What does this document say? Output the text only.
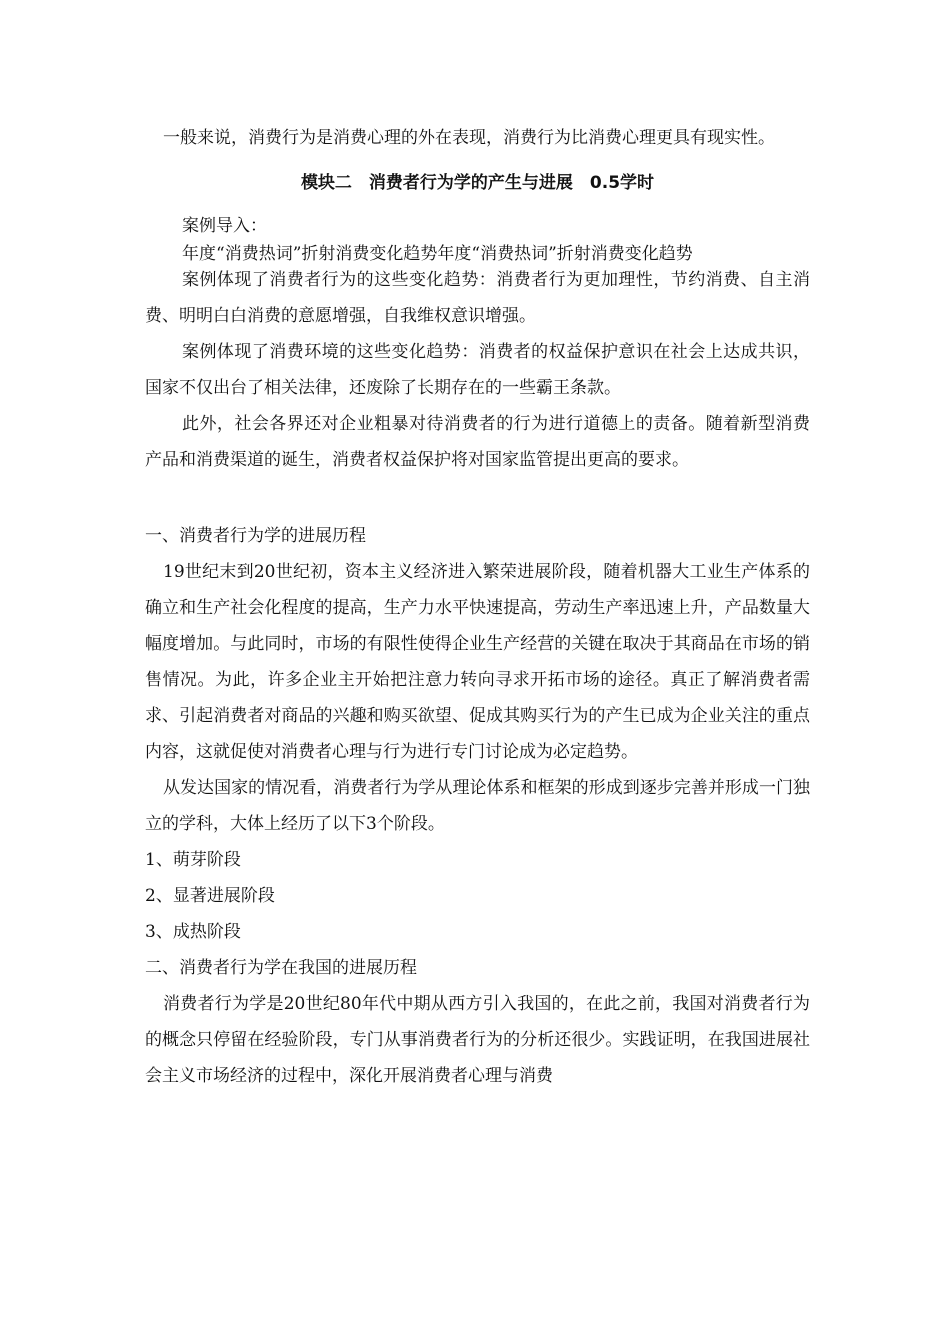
一般来说，消费行为是消费心理的外在表现，消费行为比消费心理更具有现实性。

模块二　消费者行为学的产生与进展　0.5学时

案例导入：

年度“消费热词”折射消费变化趋势年度“消费热词”折射消费变化趋势

案例体现了消费者行为的这些变化趋势：消费者行为更加理性，节约消费、自主消费、明明白白消费的意愿增强，自我维权意识增强。

案例体现了消费环境的这些变化趋势：消费者的权益保护意识在社会上达成共识，国家不仅出台了相关法律，还废除了长期存在的一些霸王条款。

此外，社会各界还对企业粗暴对待消费者的行为进行道德上的责备。随着新型消费产品和消费渠道的诞生，消费者权益保护将对国家监管提出更高的要求。

一、消费者行为学的进展历程

19世纪末到20世纪初，资本主义经济进入繁荣进展阶段，随着机器大工业生产体系的确立和生产社会化程度的提高，生产力水平快速提高，劳动生产率迅速上升，产品数量大幅度增加。与此同时，市场的有限性使得企业生产经营的关键在取决于其商品在市场的销售情况。为此，许多企业主开始把注意力转向寻求开拓市场的途径。真正了解消费者需求、引起消费者对商品的兴趣和购买欲望、促成其购买行为的产生已成为企业关注的重点内容，这就促使对消费者心理与行为进行专门讨论成为必定趋势。

从发达国家的情况看，消费者行为学从理论体系和框架的形成到逐步完善并形成一门独立的学科，大体上经历了以下3个阶段。

1、萌芽阶段

2、显著进展阶段

3、成热阶段

二、消费者行为学在我国的进展历程

消费者行为学是20世纪80年代中期从西方引入我国的，在此之前，我国对消费者行为的概念只停留在经验阶段，专门从事消费者行为的分析还很少。实践证明，在我国进展社会主义市场经济的过程中，深化开展消费者心理与消费
